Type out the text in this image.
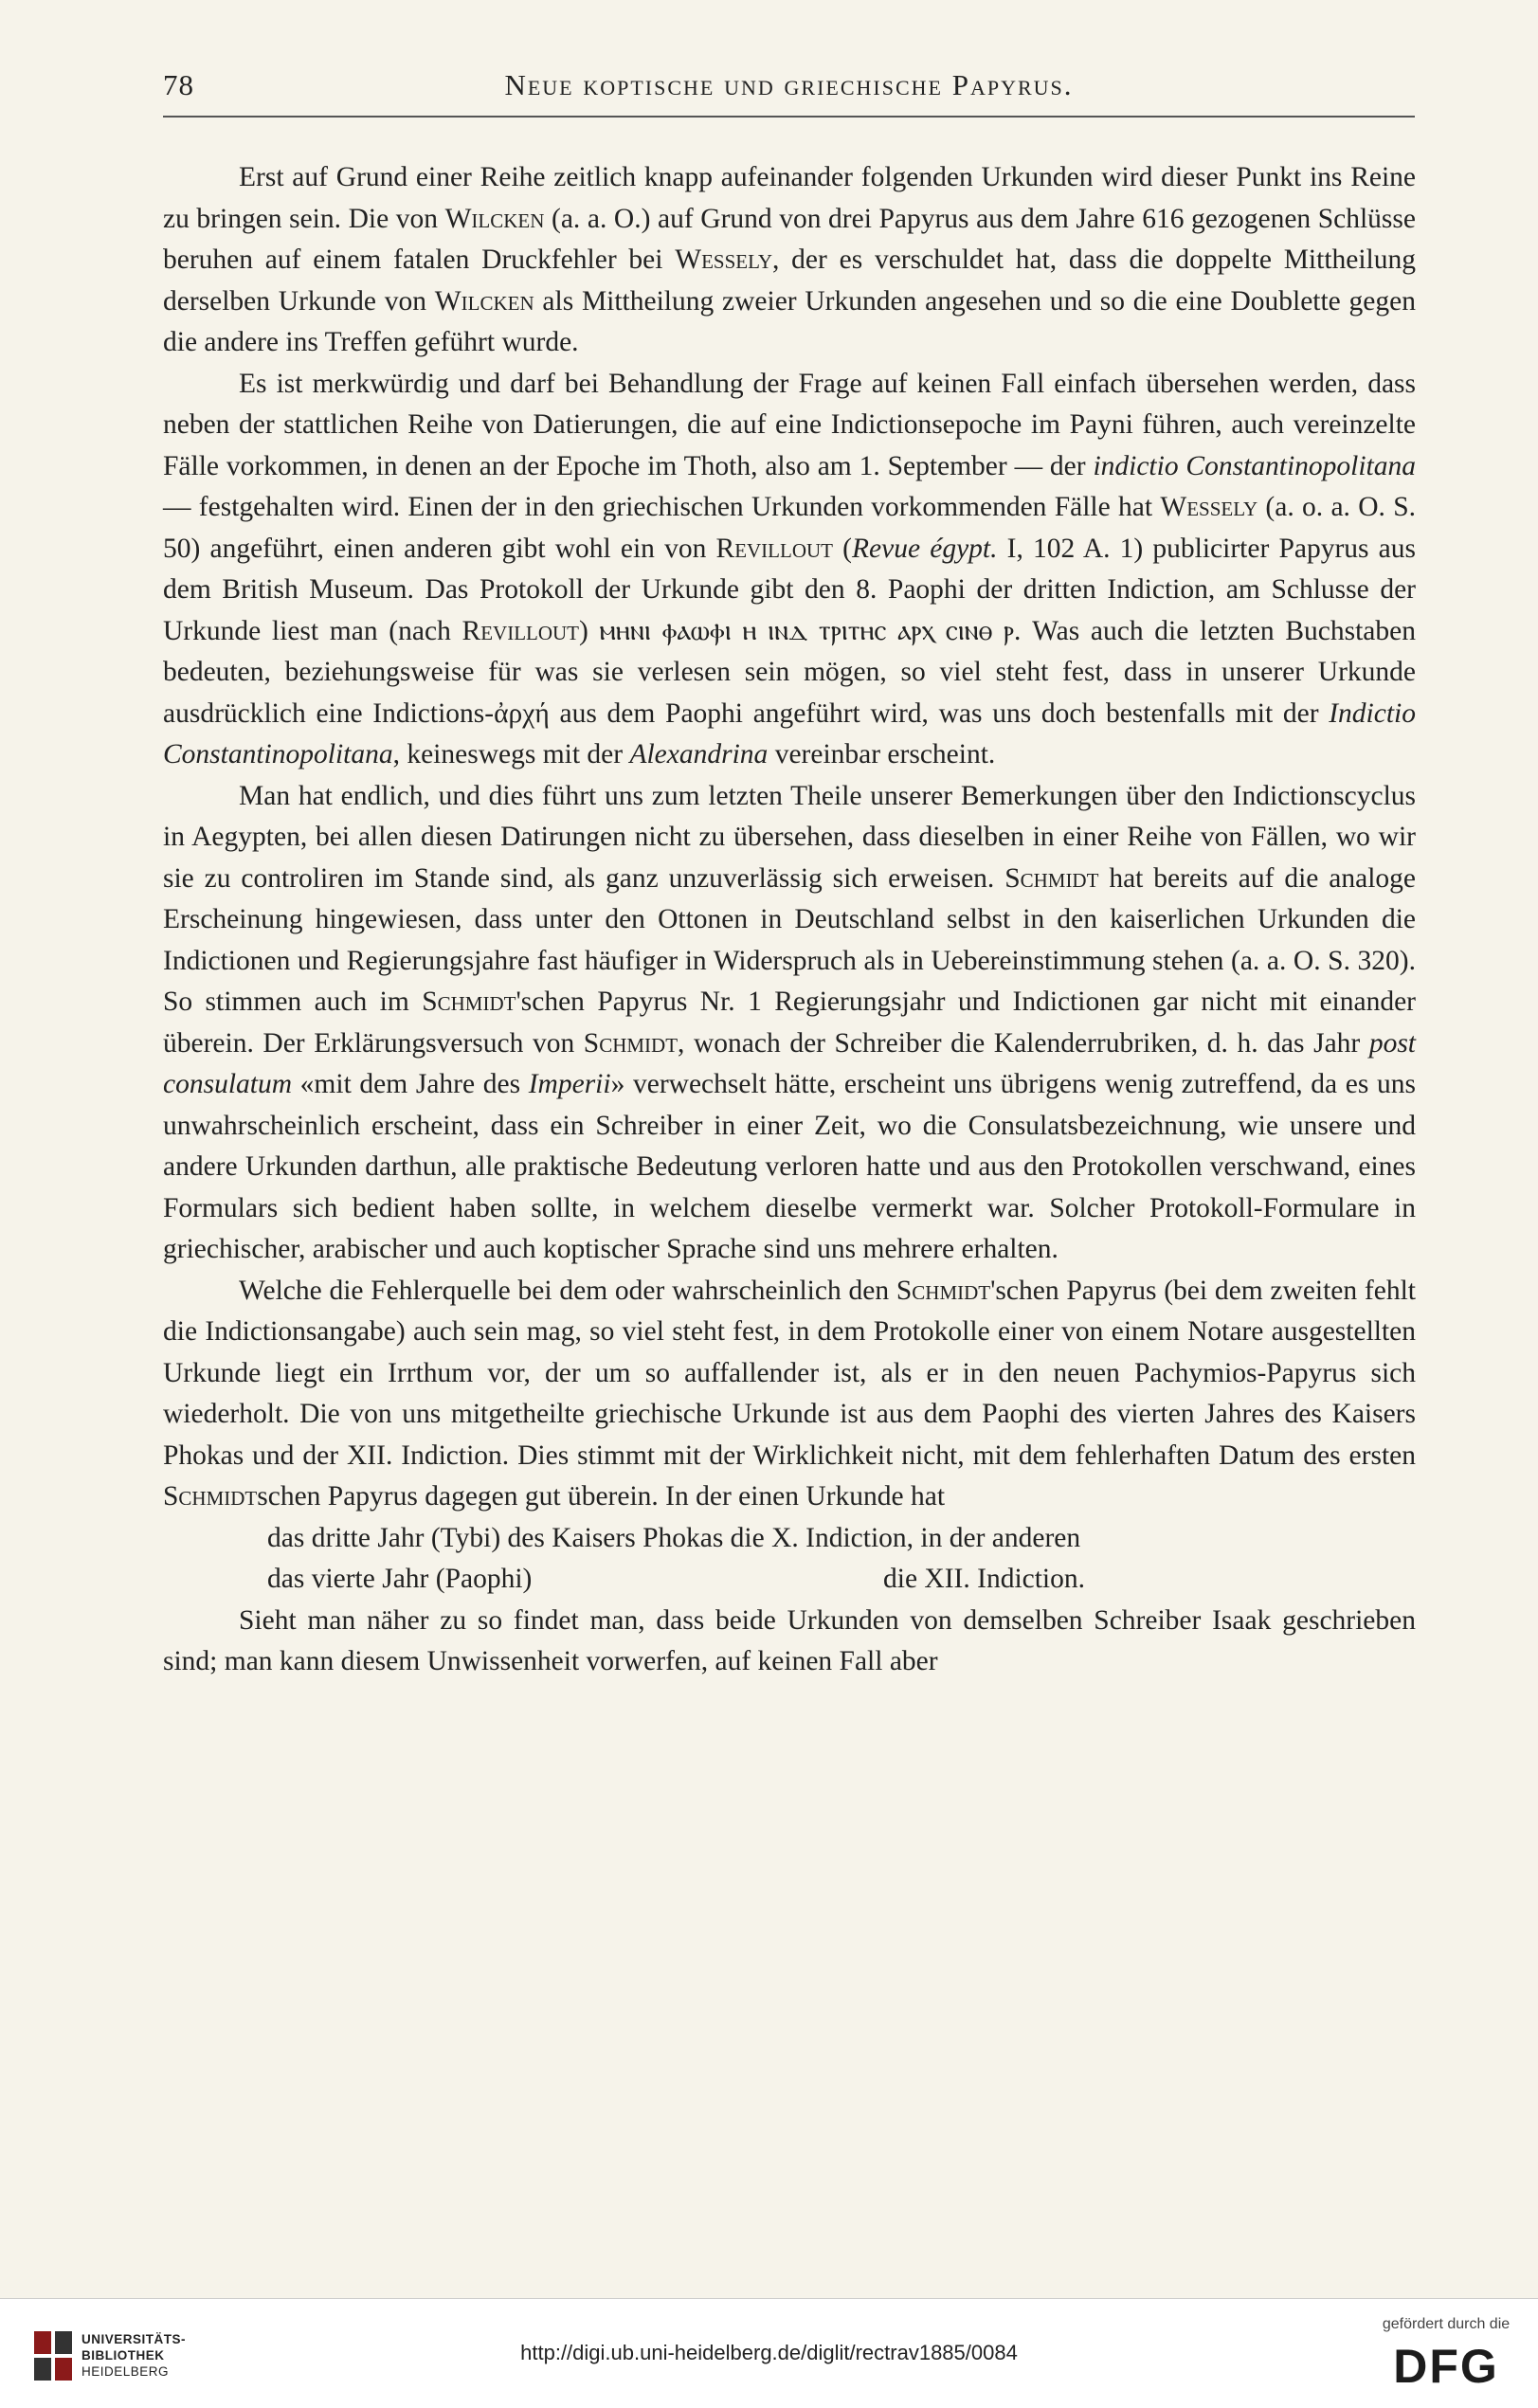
78	Neue koptische und griechische Papyrus.

Erst auf Grund einer Reihe zeitlich knapp aufeinander folgenden Urkunden wird dieser Punkt ins Reine zu bringen sein. Die von Wilcken (a. a. O.) auf Grund von drei Papyrus aus dem Jahre 616 gezogenen Schlüsse beruhen auf einem fatalen Druckfehler bei Wessely, der es verschuldet hat, dass die doppelte Mittheilung derselben Urkunde von Wilcken als Mittheilung zweier Urkunden angesehen und so die eine Doublette gegen die andere ins Treffen geführt wurde.

Es ist merkwürdig und darf bei Behandlung der Frage auf keinen Fall einfach übersehen werden, dass neben der stattlichen Reihe von Datierungen, die auf eine Indictionsepoche im Payni führen, auch vereinzelte Fälle vorkommen, in denen an der Epoche im Thoth, also am 1. September — der indictio Constantinopolitana — festgehalten wird. Einen der in den griechischen Urkunden vorkommenden Fälle hat Wessely (a. o. a. O. S. 50) angeführt, einen anderen gibt wohl ein von Revillout (Revue égypt. I, 102 A. 1) publicirter Papyrus aus dem British Museum. Das Protokoll der Urkunde gibt den 8. Paophi der dritten Indiction, am Schlusse der Urkunde liest man (nach Revillout) ⲙⲏⲛⲓ ⲫⲁⲱⲫⲓ ⲏ ⲓⲛⲇ ⲧⲣⲓⲧⲏⲥ ⲁⲣⲭ ⲥⲓⲛⲑ ⲣ. Was auch die letzten Buchstaben bedeuten, beziehungsweise für was sie verlesen sein mögen, so viel steht fest, dass in unserer Urkunde ausdrücklich eine Indictions-ἀρχή aus dem Paophi angeführt wird, was uns doch bestenfalls mit der Indictio Constantinopolitana, keineswegs mit der Alexandrina vereinbar erscheint.

Man hat endlich, und dies führt uns zum letzten Theile unserer Bemerkungen über den Indictionscyclus in Aegypten, bei allen diesen Datirungen nicht zu übersehen, dass dieselben in einer Reihe von Fällen, wo wir sie zu controliren im Stande sind, als ganz unzuverlässig sich erweisen. Schmidt hat bereits auf die analoge Erscheinung hingewiesen, dass unter den Ottonen in Deutschland selbst in den kaiserlichen Urkunden die Indictionen und Regierungsjahre fast häufiger in Widerspruch als in Uebereinstimmung stehen (a. a. O. S. 320). So stimmen auch im Schmidt'schen Papyrus Nr. 1 Regierungsjahr und Indictionen gar nicht mit einander überein. Der Erklärungsversuch von Schmidt, wonach der Schreiber die Kalenderrubriken, d. h. das Jahr post consulatum «mit dem Jahre des Imperii» verwechselt hätte, erscheint uns übrigens wenig zutreffend, da es uns unwahrscheinlich erscheint, dass ein Schreiber in einer Zeit, wo die Consulatsbezeichnung, wie unsere und andere Urkunden darthun, alle praktische Bedeutung verloren hatte und aus den Protokollen verschwand, eines Formulars sich bedient haben sollte, in welchem dieselbe vermerkt war. Solcher Protokoll-Formulare in griechischer, arabischer und auch koptischer Sprache sind uns mehrere erhalten.

Welche die Fehlerquelle bei dem oder wahrscheinlich den Schmidt'schen Papyrus (bei dem zweiten fehlt die Indictionsangabe) auch sein mag, so viel steht fest, in dem Protokolle einer von einem Notare ausgestellten Urkunde liegt ein Irrthum vor, der um so auffallender ist, als er in den neuen Pachymios-Papyrus sich wiederholt. Die von uns mitgetheilte griechische Urkunde ist aus dem Paophi des vierten Jahres des Kaisers Phokas und der XII. Indiction. Dies stimmt mit der Wirklichkeit nicht, mit dem fehlerhaften Datum des ersten Schmidtschen Papyrus dagegen gut überein. In der einen Urkunde hat

das dritte Jahr (Tybi) des Kaisers Phokas die X. Indiction, in der anderen
das vierte Jahr (Paophi)	die XII. Indiction.

Sieht man näher zu so findet man, dass beide Urkunden von demselben Schreiber Isaak geschrieben sind; man kann diesem Unwissenheit vorwerfen, auf keinen Fall aber

UNIVERSITÄTS-
BIBLIOTHEK
HEIDELBERG
http://digi.ub.uni-heidelberg.de/diglit/rectrav1885/0084
gefördert durch die
DFG
